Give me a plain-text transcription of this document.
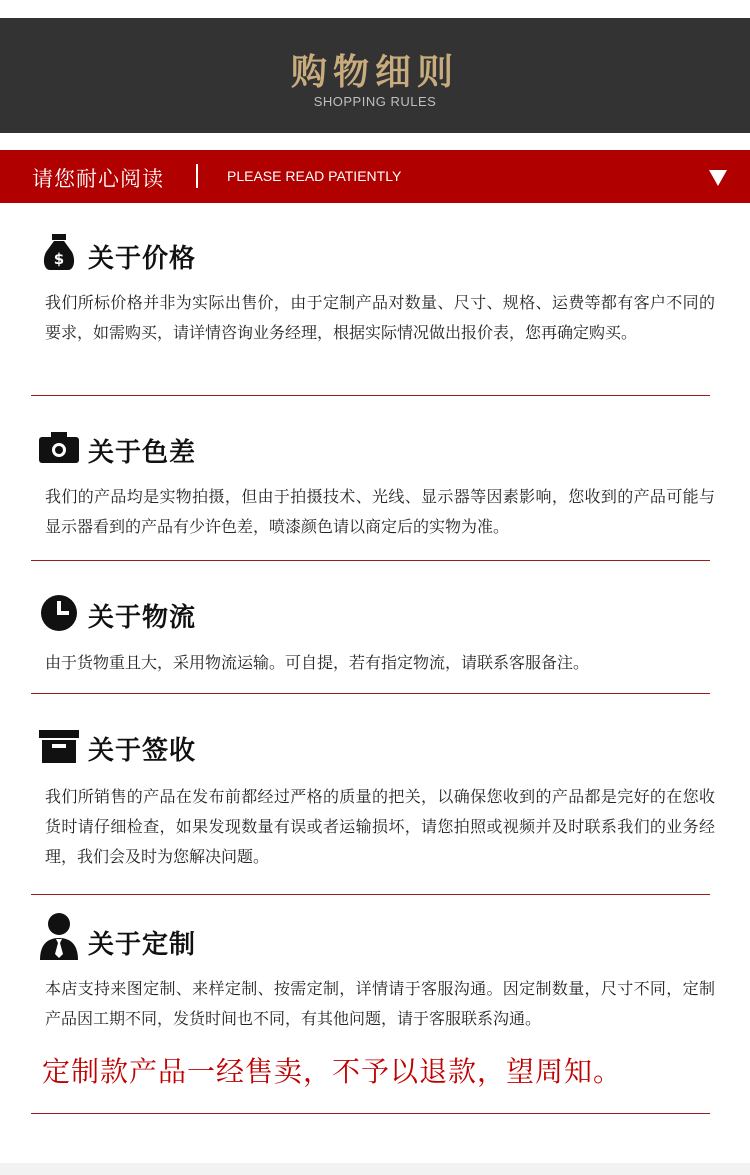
购物细则
SHOPPING RULES
请您耐心阅读	PLEASE READ PATIENTLY
$ 关于价格
我们所标价格并非为实际出售价，由于定制产品对数量、尺寸、规格、运费等都有客户不同的要求，如需购买，请详情咨询业务经理，根据实际情况做出报价表，您再确定购买。
关于色差
我们的产品均是实物拍摄，但由于拍摄技术、光线、显示器等因素影响，您收到的产品可能与显示器看到的产品有少许色差，喷漆颜色请以商定后的实物为准。
关于物流
由于货物重且大，采用物流运输。可自提，若有指定物流，请联系客服备注。
关于签收
我们所销售的产品在发布前都经过严格的质量的把关，以确保您收到的产品都是完好的在您收货时请仔细检查，如果发现数量有误或者运输损坏，请您拍照或视频并及时联系我们的业务经理，我们会及时为您解决问题。
关于定制
本店支持来图定制、来样定制、按需定制，详情请于客服沟通。因定制数量，尺寸不同，定制产品因工期不同，发货时间也不同，有其他问题，请于客服联系沟通。
定制款产品一经售卖，不予以退款，望周知。
